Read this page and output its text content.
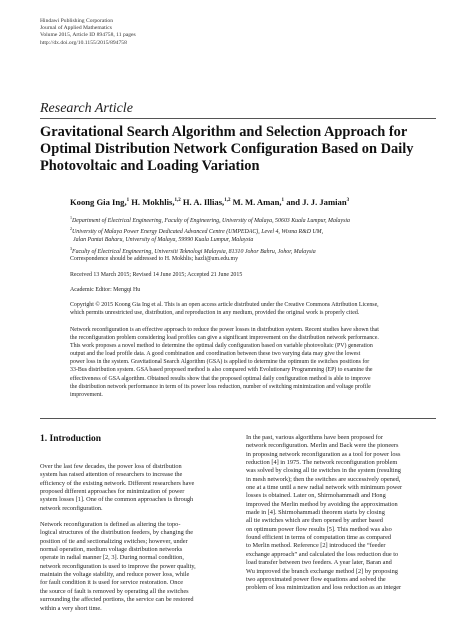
Hindawi Publishing Corporation
Journal of Applied Mathematics
Volume 2015, Article ID 894758, 11 pages
http://dx.doi.org/10.1155/2015/894758
Research Article
Gravitational Search Algorithm and Selection Approach for
Optimal Distribution Network Configuration Based on Daily
Photovoltaic and Loading Variation
Koong Gia Ing,$^1$ H. Mokhlis,$^{1,2}$ H. A. Illias,$^{1,2}$ M. M. Aman,$^1$ and J. J. Jamian$^3$
$^1$Department of Electrical Engineering, Faculty of Engineering, University of Malaya, 50603 Kuala Lumpur, Malaysia
$^2$University of Malaya Power Energy Dedicated Advanced Centre (UMPEDAC), Level 4, Wisma R&D UM,
Jalan Pantai Baharu, University of Malaya, 59990 Kuala Lumpur, Malaysia
$^3$Faculty of Electrical Engineering, Universiti Teknologi Malaysia, 81310 Johor Bahru, Johor, Malaysia
Correspondence should be addressed to H. Mokhlis; hazli@um.edu.my
Received 13 March 2015; Revised 14 June 2015; Accepted 21 June 2015
Academic Editor: Mengqi Hu
Copyright © 2015 Koong Gia Ing et al. This is an open access article distributed under the Creative Commons Attribution License,
which permits unrestricted use, distribution, and reproduction in any medium, provided the original work is properly cited.
Network reconfiguration is an effective approach to reduce the power losses in distribution system. Recent studies have shown that
the reconfiguration problem considering load profiles can give a significant improvement on the distribution network performance.
This work proposes a novel method to determine the optimal daily configuration based on variable photovoltaic (PV) generation
output and the load profile data. A good combination and coordination between these two varying data may give the lowest
power loss in the system. Gravitational Search Algorithm (GSA) is applied to determine the optimum tie switches positions for
33-Bus distribution system. GSA based proposed method is also compared with Evolutionary Programming (EP) to examine the
effectiveness of GSA algorithm. Obtained results show that the proposed optimal daily configuration method is able to improve
the distribution network performance in term of its power loss reduction, number of switching minimization and voltage profile
improvement.
1. Introduction
Over the last few decades, the power loss of distribution
system has raised attention of researchers to increase the
efficiency of the existing network. Different researchers have
proposed different approaches for minimization of power
system losses [1]. One of the common approaches is through
network reconfiguration.
Network reconfiguration is defined as altering the topo-
logical structures of the distribution feeders, by changing the
position of tie and sectionalizing switches; however, under
normal operation, medium voltage distribution networks
operate in radial manner [2, 3]. During normal condition,
network reconfiguration is used to improve the power quality,
maintain the voltage stability, and reduce power loss, while
for fault condition it is used for service restoration. Once
the source of fault is removed by operating all the switches
surrounding the affected portions, the service can be restored
within a very short time.
In the past, various algorithms have been proposed for
network reconfiguration. Merlin and Back were the pioneers
in proposing network reconfiguration as a tool for power loss
reduction [4] in 1975. The network reconfiguration problem
was solved by closing all tie switches in the system (resulting
in mesh network); then the switches are successively opened,
one at a time until a new radial network with minimum power
losses is obtained. Later on, Shirmohammadi and Hong
improved the Merlin method by avoiding the approximation
made in [4]. Shirmohammadi theorem starts by closing
all tie switches which are then opened by anther based
on optimum power flow results [5]. This method was also
found efficient in terms of computation time as compared
to Merlin method. Reference [2] introduced the “feeder
exchange approach” and calculated the loss reduction due to
load transfer between two feeders. A year later, Baran and
Wu improved the branch exchange method [2] by proposing
two approximated power flow equations and solved the
problem of loss minimization and loss reduction as an integer
